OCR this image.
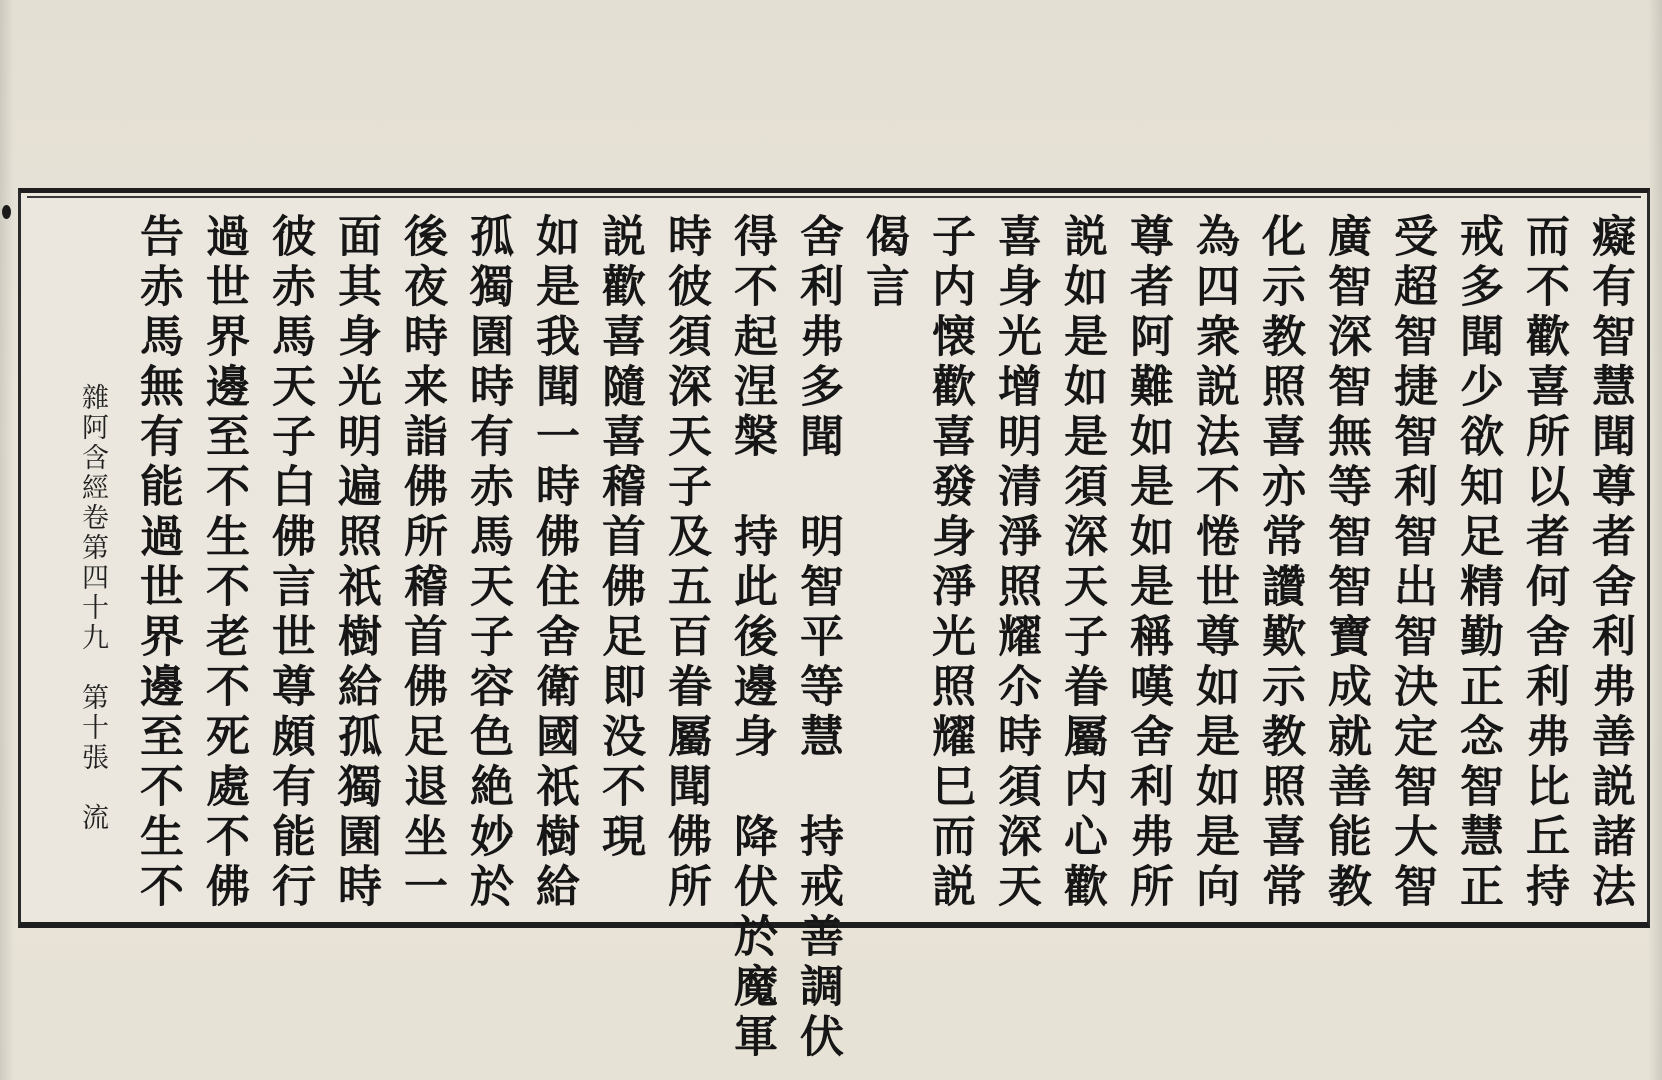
癡有智慧聞尊者舍利弗善説諸法
而不歡喜所以者何舍利弗比丘持
戒多聞少欲知足精勤正念智慧正
受超智捷智利智出智決定智大智
廣智深智無等智智寶成就善能教
化示教照喜亦常讚歎示教照喜常
為四衆説法不惓世尊如是如是向
尊者阿難如是如是稱嘆舍利弗所
説如是如是須深天子眷屬内心歡
喜身光增明清淨照耀尒時須深天
子内懐歡喜發身淨光照耀巳而説
偈言
舍利弗多聞　明智平等慧　持戒善調伏
得不起涅槃　持此後邊身　降伏於魔軍
時彼須深天子及五百眷屬聞佛所
説歡喜隨喜稽首佛足即没不現
如是我聞一時佛住舍衛國祇樹給
孤獨園時有赤馬天子容色絶妙於
後夜時来詣佛所稽首佛足退坐一
面其身光明遍照祇樹給孤獨園時
彼赤馬天子白佛言世尊頗有能行
過世界邊至不生不老不死處不佛
告赤馬無有能過世界邊至不生不
雜阿含經卷第四十九
第十張
流
